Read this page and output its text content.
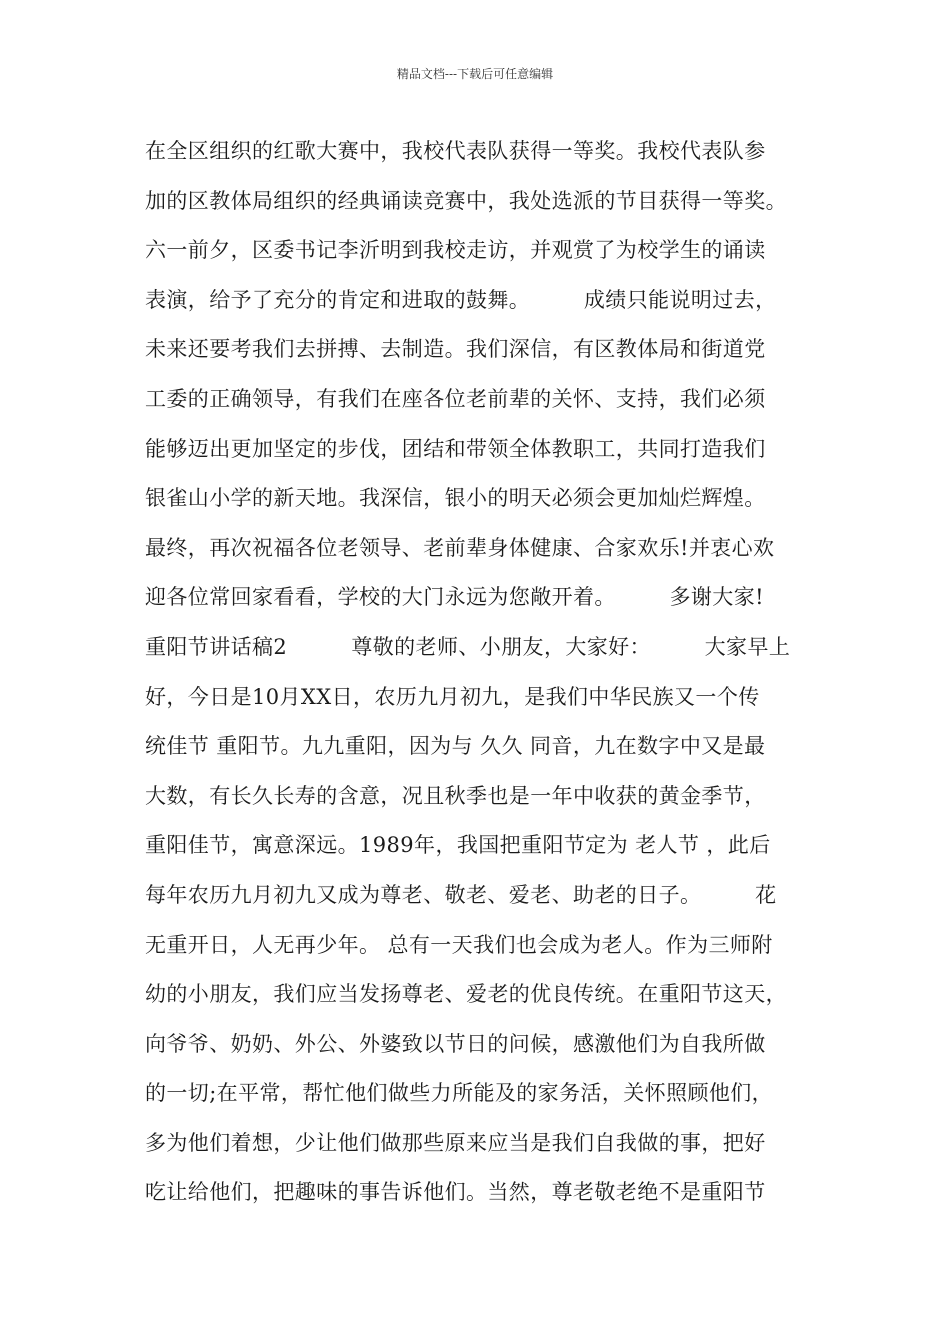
精品文档---下载后可任意编辑
在全区组织的红歌大赛中，我校代表队获得一等奖。我校代表队参
加的区教体局组织的经典诵读竞赛中，我处选派的节目获得一等奖。
六一前夕，区委书记李沂明到我校走访，并观赏了为校学生的诵读
表演，给予了充分的肯定和进取的鼓舞。　　　成绩只能说明过去，
未来还要考我们去拼搏、去制造。我们深信，有区教体局和街道党
工委的正确领导，有我们在座各位老前辈的关怀、支持，我们必须
能够迈出更加坚定的步伐，团结和带领全体教职工，共同打造我们
银雀山小学的新天地。我深信，银小的明天必须会更加灿烂辉煌。
最终，再次祝福各位老领导、老前辈身体健康、合家欢乐!并衷心欢
迎各位常回家看看，学校的大门永远为您敞开着。　　　多谢大家!
重阳节讲话稿2　　　尊敬的老师、小朋友，大家好：　　　大家早上
好，今日是10月XX日，农历九月初九，是我们中华民族又一个传
统佳节 重阳节。九九重阳，因为与 久久 同音，九在数字中又是最
大数，有长久长寿的含意，况且秋季也是一年中收获的黄金季节，
重阳佳节，寓意深远。1989年，我国把重阳节定为 老人节 ，此后
每年农历九月初九又成为尊老、敬老、爱老、助老的日子。　　　花
无重开日，人无再少年。 总有一天我们也会成为老人。作为三师附
幼的小朋友，我们应当发扬尊老、爱老的优良传统。在重阳节这天，
向爷爷、奶奶、外公、外婆致以节日的问候，感激他们为自我所做
的一切;在平常，帮忙他们做些力所能及的家务活，关怀照顾他们，
多为他们着想，少让他们做那些原来应当是我们自我做的事，把好
吃让给他们，把趣味的事告诉他们。当然，尊老敬老绝不是重阳节
